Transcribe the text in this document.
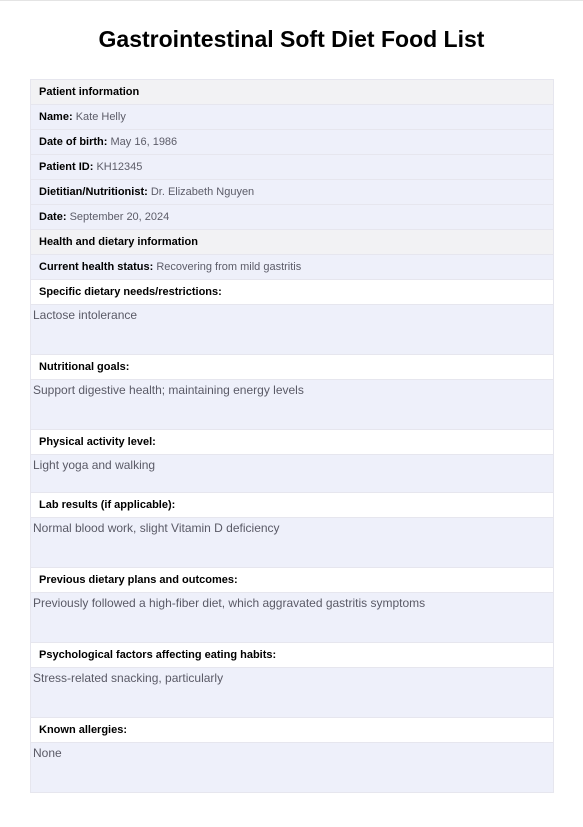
Gastrointestinal Soft Diet Food List
Patient information
Name: Kate Helly
Date of birth: May 16, 1986
Patient ID: KH12345
Dietitian/Nutritionist: Dr. Elizabeth Nguyen
Date: September 20, 2024
Health and dietary information
Current health status: Recovering from mild gastritis
Specific dietary needs/restrictions:
Lactose intolerance
Nutritional goals:
Support digestive health; maintaining energy levels
Physical activity level:
Light yoga and walking
Lab results (if applicable):
Normal blood work, slight Vitamin D deficiency
Previous dietary plans and outcomes:
Previously followed a high-fiber diet, which aggravated gastritis symptoms
Psychological factors affecting eating habits:
Stress-related snacking, particularly
Known allergies:
None
